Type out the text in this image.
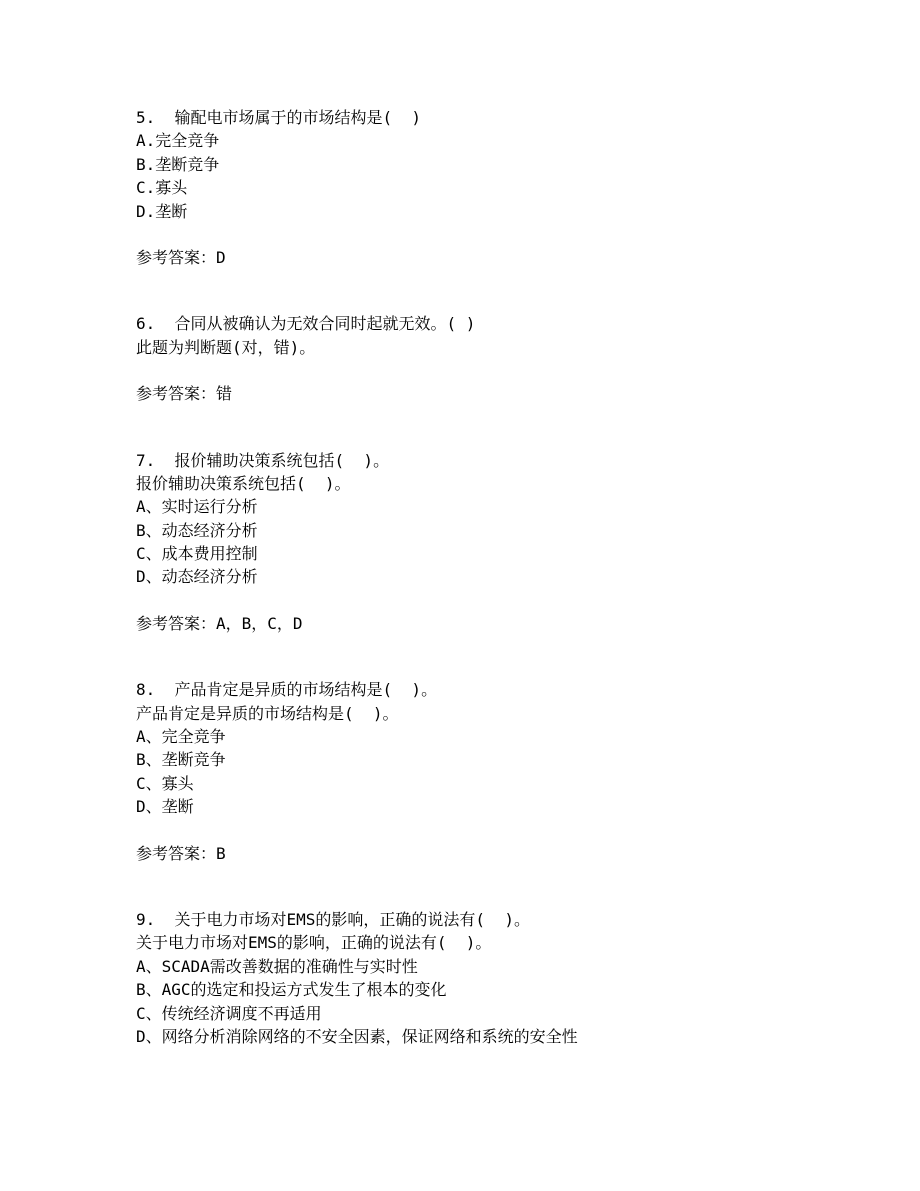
5.  输配电市场属于的市场结构是(  )
A.完全竞争
B.垄断竞争
C.寡头
D.垄断
参考答案：D
6.  合同从被确认为无效合同时起就无效。( )
此题为判断题(对，错)。
参考答案：错
7.  报价辅助决策系统包括(  )。
报价辅助决策系统包括(  )。
A、实时运行分析
B、动态经济分析
C、成本费用控制
D、动态经济分析
参考答案：A，B，C，D
8.  产品肯定是异质的市场结构是(  )。
产品肯定是异质的市场结构是(  )。
A、完全竞争
B、垄断竞争
C、寡头
D、垄断
参考答案：B
9.  关于电力市场对EMS的影响，正确的说法有(  )。
关于电力市场对EMS的影响，正确的说法有(  )。
A、SCADA需改善数据的准确性与实时性
B、AGC的选定和投运方式发生了根本的变化
C、传统经济调度不再适用
D、网络分析消除网络的不安全因素，保证网络和系统的安全性
